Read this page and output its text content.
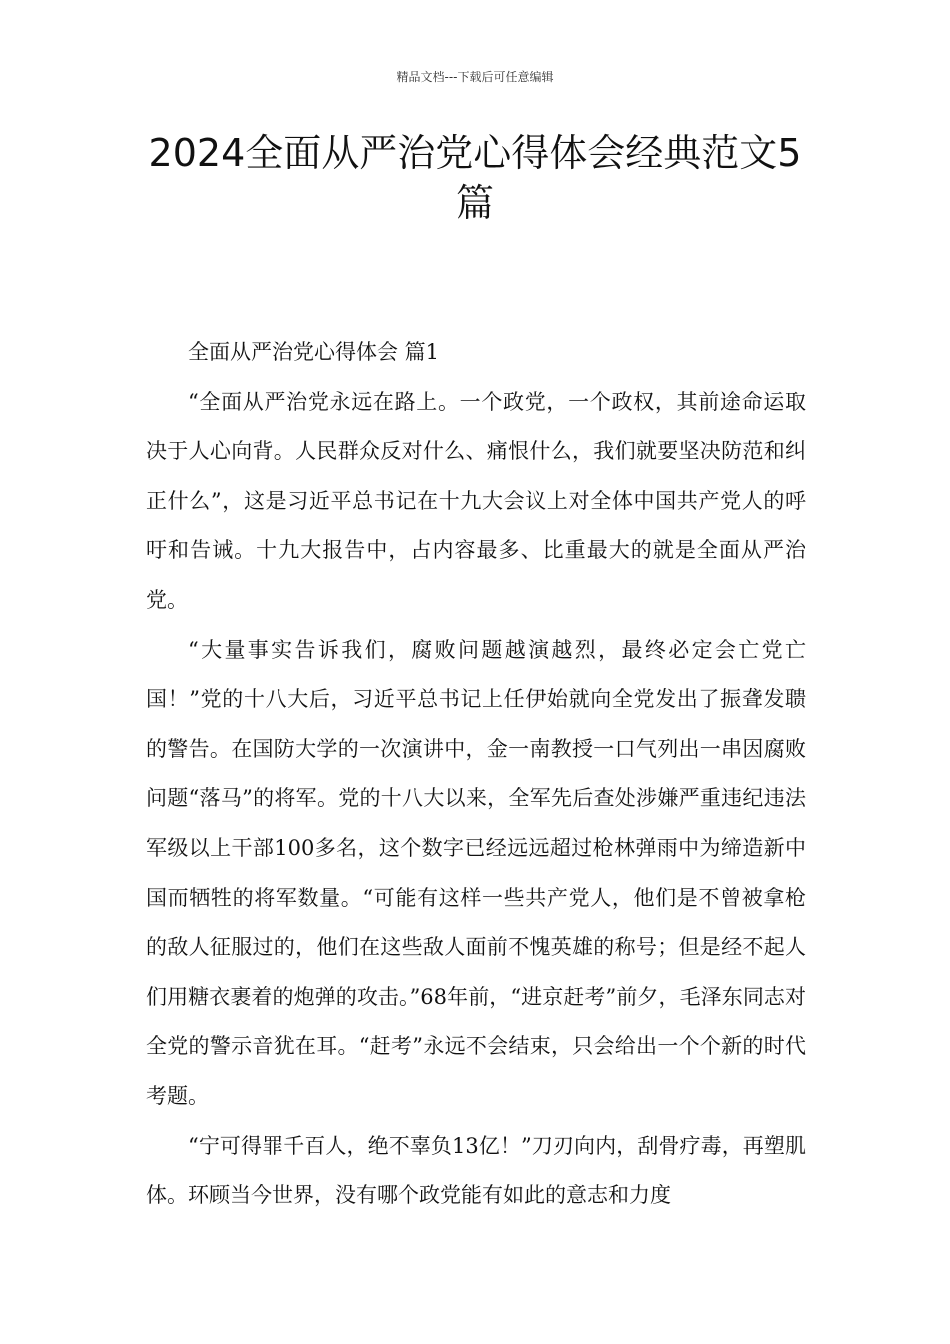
精品文档---下载后可任意编辑
2024全面从严治党心得体会经典范文5
篇

全面从严治党心得体会 篇1

“全面从严治党永远在路上。一个政党，一个政权，其前途命运取决于人心向背。人民群众反对什么、痛恨什么，我们就要坚决防范和纠正什么”，这是习近平总书记在十九大会议上对全体中国共产党人的呼吁和告诫。十九大报告中，占内容最多、比重最大的就是全面从严治党。

“大量事实告诉我们，腐败问题越演越烈，最终必定会亡党亡国！”党的十八大后，习近平总书记上任伊始就向全党发出了振聋发聩的警告。在国防大学的一次演讲中，金一南教授一口气列出一串因腐败问题“落马”的将军。党的十八大以来，全军先后查处涉嫌严重违纪违法军级以上干部100多名，这个数字已经远远超过枪林弹雨中为缔造新中国而牺牲的将军数量。“可能有这样一些共产党人，他们是不曾被拿枪的敌人征服过的，他们在这些敌人面前不愧英雄的称号；但是经不起人们用糖衣裹着的炮弹的攻击。”68年前，“进京赶考”前夕，毛泽东同志对全党的警示音犹在耳。“赶考”永远不会结束，只会给出一个个新的时代考题。

“宁可得罪千百人，绝不辜负13亿！”刀刃向内，刮骨疗毒，再塑肌体。环顾当今世界，没有哪个政党能有如此的意志和力度
